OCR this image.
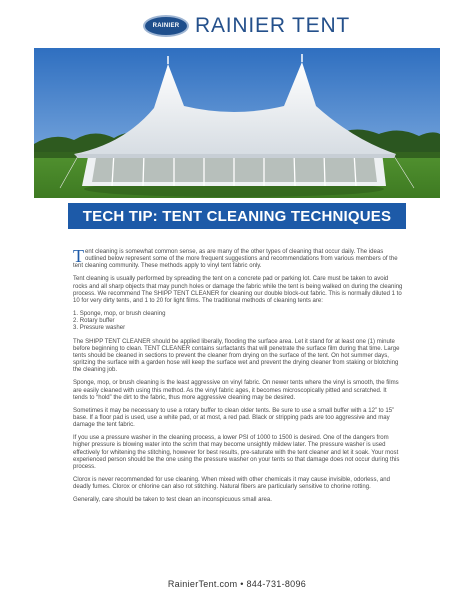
RAINIER RAINIER TENT
TECH TIP: TENT CLEANING TECHNIQUES

Tent cleaning is somewhat common sense, as are many of the other types of cleaning that occur daily. The ideas outlined below represent some of the more frequent suggestions and recommendations from various members of the tent cleaning community. These methods apply to vinyl tent fabric only.

Tent cleaning is usually performed by spreading the tent on a concrete pad or parking lot. Care must be taken to avoid rocks and all sharp objects that may punch holes or damage the fabric while the tent is being walked on during the cleaning process. We recommend The SHIPP TENT CLEANER for cleaning our double block-out fabric. This is normally diluted 1 to 10 for very dirty tents, and 1 to 20 for light films. The traditional methods of cleaning tents are:

1. Sponge, mop, or brush cleaning
2. Rotary buffer
3. Pressure washer

The SHIPP TENT CLEANER should be applied liberally, flooding the surface area. Let it stand for at least one (1) minute before beginning to clean. TENT CLEANER contains surfactants that will penetrate the surface film during that time. Large tents should be cleaned in sections to prevent the cleaner from drying on the surface of the tent. On hot summer days, spritzing the surface with a garden hose will keep the surface wet and prevent the drying cleaner from staking or blotching the cleaning job.

Sponge, mop, or brush cleaning is the least aggressive on vinyl fabric. On newer tents where the vinyl is smooth, the films are easily cleaned with using this method. As the vinyl fabric ages, it becomes microscopically pitted and scratched. It tends to “hold” the dirt to the fabric, thus more aggressive cleaning may be desired.

Sometimes it may be necessary to use a rotary buffer to clean older tents. Be sure to use a small buffer with a 12” to 15” base. If a floor pad is used, use a white pad, or at most, a red pad. Black or stripping pads are too aggressive and may damage the tent fabric.

If you use a pressure washer in the cleaning process, a lower PSI of 1000 to 1500 is desired. One of the dangers from higher pressure is blowing water into the scrim that may become unsightly mildew later. The pressure washer is used effectively for whitening the stitching, however for best results, pre-saturate with the tent cleaner and let it soak. Your most experienced person should be the one using the pressure washer on your tents so that damage does not occur during this process.

Clorox is never recommended for use cleaning. When mixed with other chemicals it may cause invisible, odorless, and deadly fumes. Clorox or chlorine can also rot stitching. Natural fibers are particularly sensitive to chorine rotting.

Generally, care should be taken to test clean an inconspicuous small area.

RainierTent.com • 844-731-8096
